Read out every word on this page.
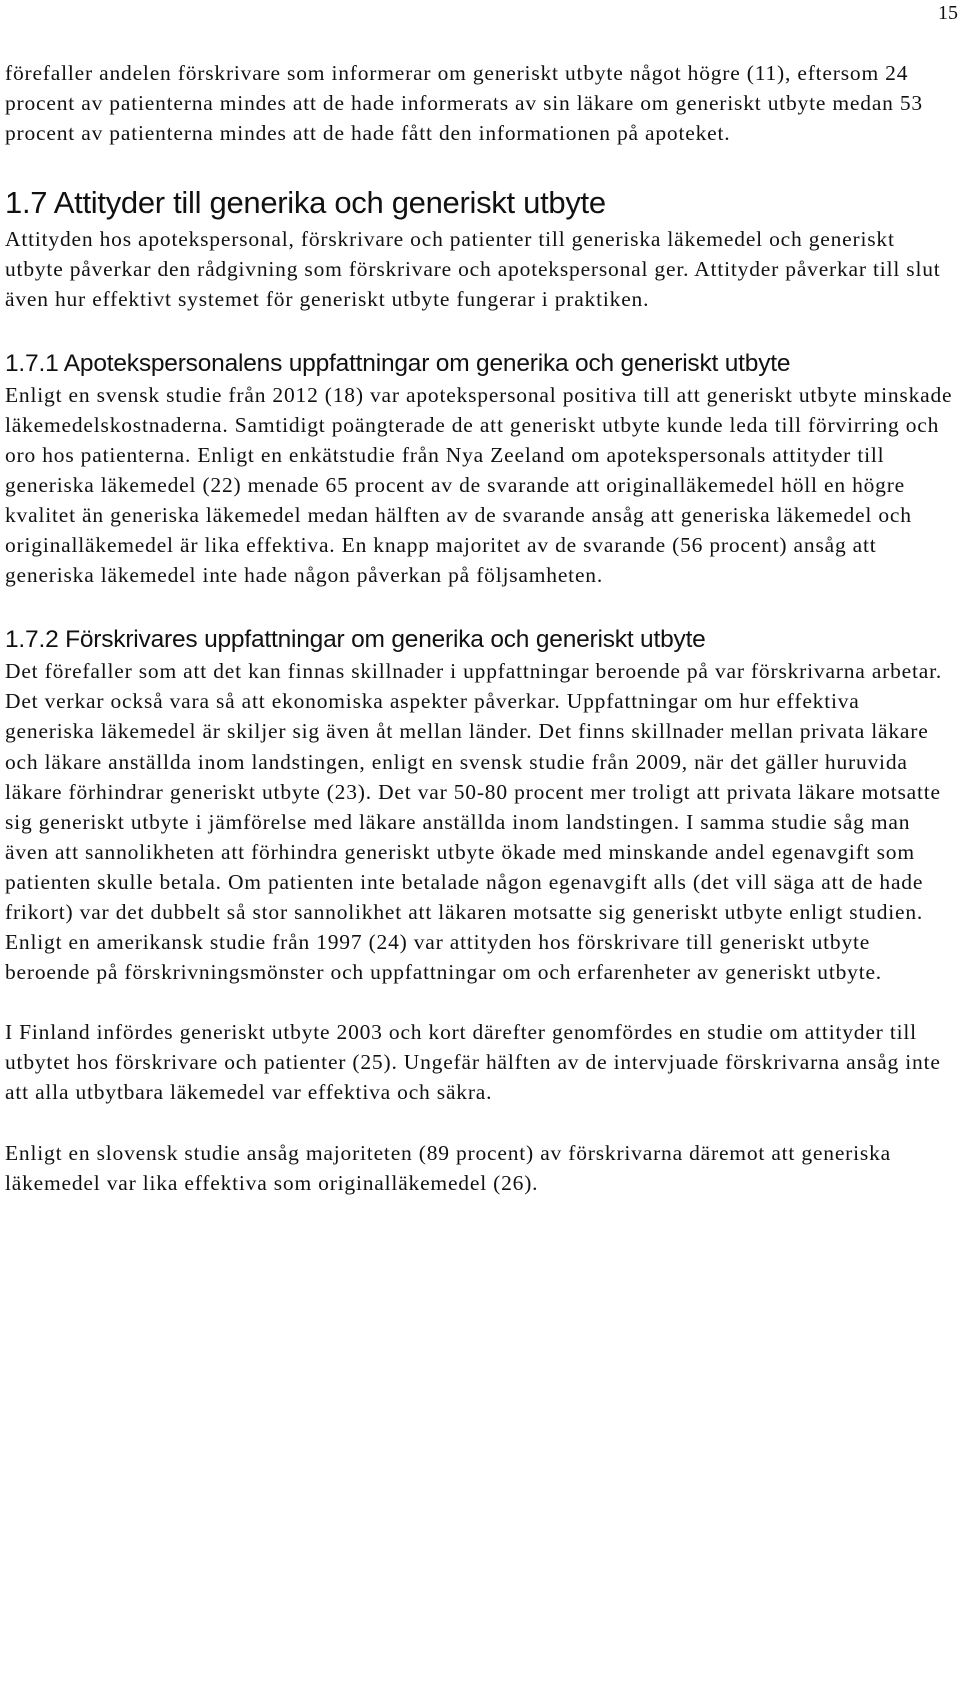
15

förefaller andelen förskrivare som informerar om generiskt utbyte något högre (11), eftersom 24 procent av patienterna mindes att de hade informerats av sin läkare om generiskt utbyte medan 53 procent av patienterna mindes att de hade fått den informationen på apoteket.

1.7 Attityder till generika och generiskt utbyte

Attityden hos apotekspersonal, förskrivare och patienter till generiska läkemedel och generiskt utbyte påverkar den rådgivning som förskrivare och apotekspersonal ger. Attityder påverkar till slut även hur effektivt systemet för generiskt utbyte fungerar i praktiken.

1.7.1 Apotekspersonalens uppfattningar om generika och generiskt utbyte

Enligt en svensk studie från 2012 (18) var apotekspersonal positiva till att generiskt utbyte minskade läkemedelskostnaderna. Samtidigt poängterade de att generiskt utbyte kunde leda till förvirring och oro hos patienterna. Enligt en enkätstudie från Nya Zeeland om apotekspersonals attityder till generiska läkemedel (22) menade 65 procent av de svarande att originalläkemedel höll en högre kvalitet än generiska läkemedel medan hälften av de svarande ansåg att generiska läkemedel och originalläkemedel är lika effektiva. En knapp majoritet av de svarande (56 procent) ansåg att generiska läkemedel inte hade någon påverkan på följsamheten.

1.7.2 Förskrivares uppfattningar om generika och generiskt utbyte

Det förefaller som att det kan finnas skillnader i uppfattningar beroende på var förskrivarna arbetar. Det verkar också vara så att ekonomiska aspekter påverkar. Uppfattningar om hur effektiva generiska läkemedel är skiljer sig även åt mellan länder. Det finns skillnader mellan privata läkare och läkare anställda inom landstingen, enligt en svensk studie från 2009, när det gäller huruvida läkare förhindrar generiskt utbyte (23). Det var 50-80 procent mer troligt att privata läkare motsatte sig generiskt utbyte i jämförelse med läkare anställda inom landstingen. I samma studie såg man även att sannolikheten att förhindra generiskt utbyte ökade med minskande andel egenavgift som patienten skulle betala. Om patienten inte betalade någon egenavgift alls (det vill säga att de hade frikort) var det dubbelt så stor sannolikhet att läkaren motsatte sig generiskt utbyte enligt studien. Enligt en amerikansk studie från 1997 (24) var attityden hos förskrivare till generiskt utbyte beroende på förskrivningsmönster och uppfattningar om och erfarenheter av generiskt utbyte.

I Finland infördes generiskt utbyte 2003 och kort därefter genomfördes en studie om attityder till utbytet hos förskrivare och patienter (25). Ungefär hälften av de intervjuade förskrivarna ansåg inte att alla utbytbara läkemedel var effektiva och säkra.

Enligt en slovensk studie ansåg majoriteten (89 procent) av förskrivarna däremot att generiska läkemedel var lika effektiva som originalläkemedel (26).
